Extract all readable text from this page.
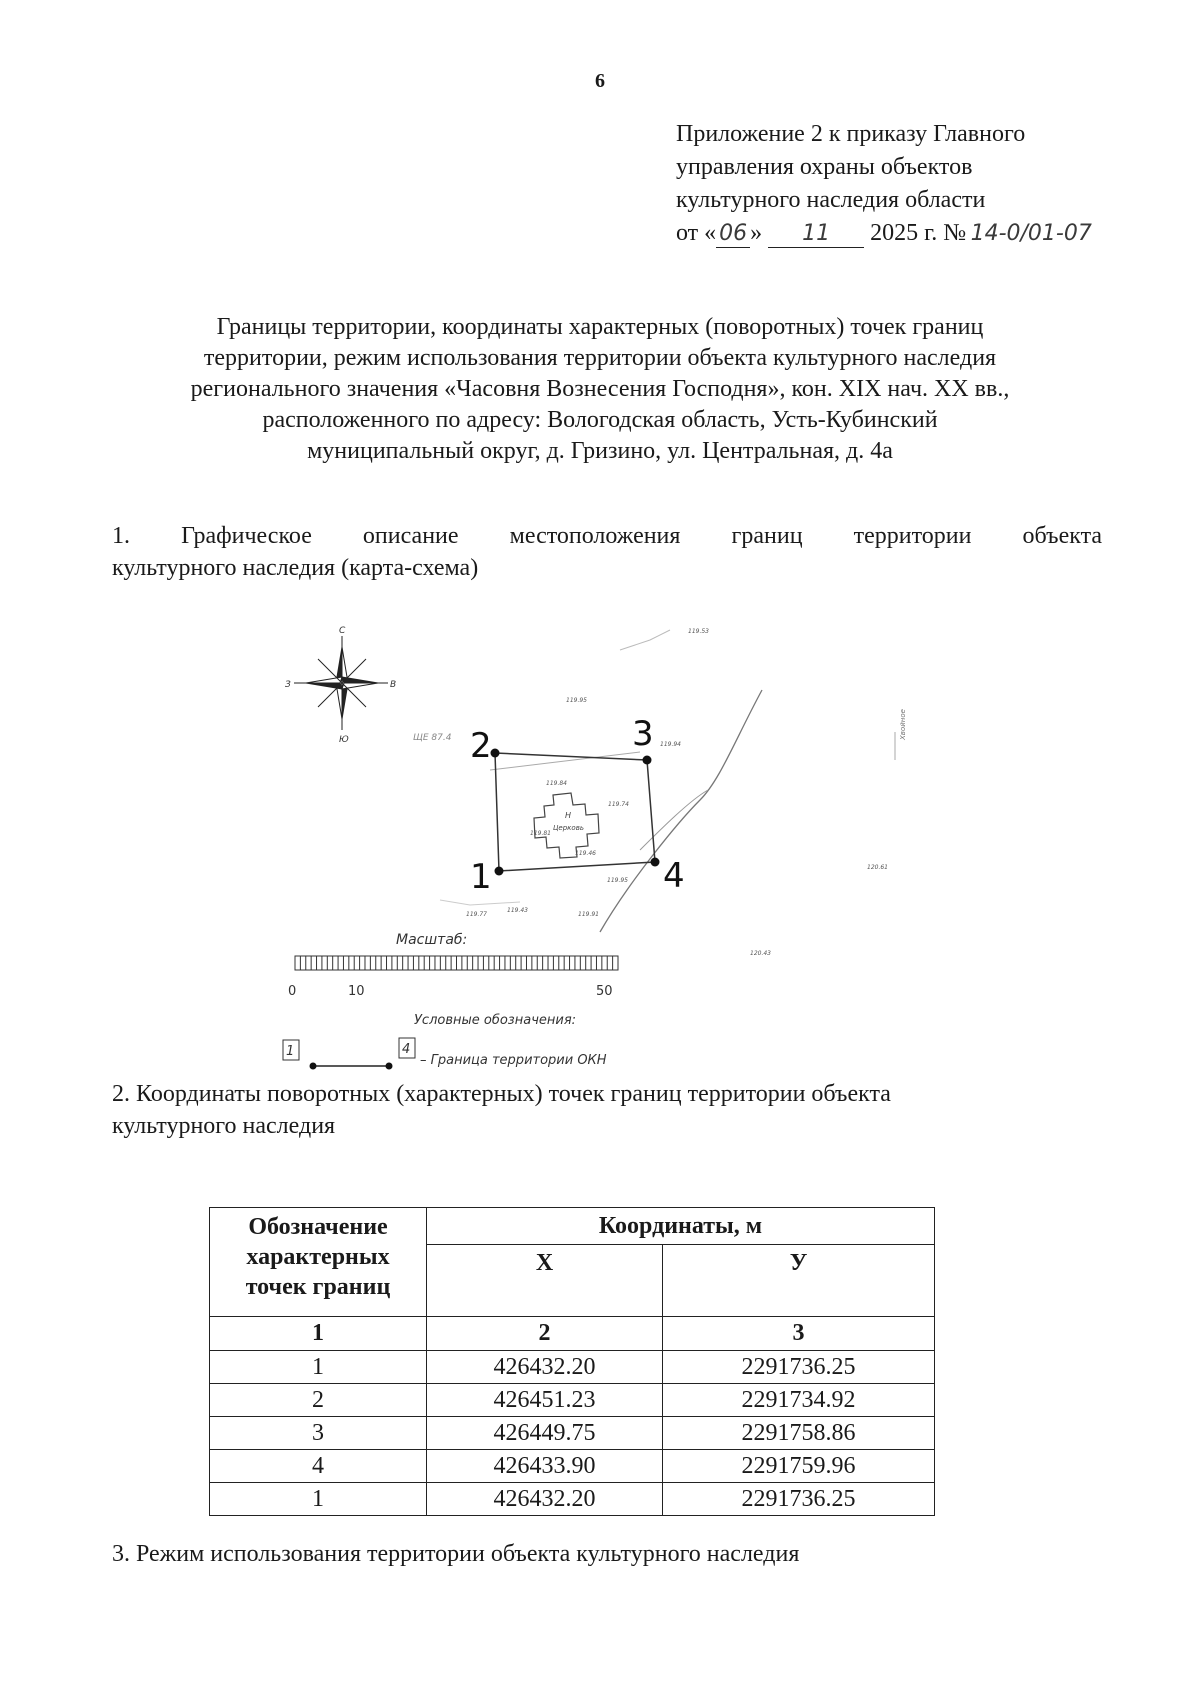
6
Приложение 2 к приказу Главного
управления охраны объектов
культурного наследия области
от « 06 » 11 2025 г. № 14-0/01-07
Границы территории, координаты характерных (поворотных) точек границ
территории, режим использования территории объекта культурного наследия
регионального значения «Часовня Вознесения Господня», кон. XIX нач. XX вв.,
расположенного по адресу: Вологодская область, Усть-Кубинский
муниципальный округ, д. Гризино, ул. Центральная, д. 4а
1. Графическое описание местоположения границ территории объекта
культурного наследия (карта-схема)
С
Ю
З	В
Н
Церковь
1
2	3
4
119.53
119.95
119.94
119.84
119.74
119.81
119.46
119.77
119.43
119.91
119.95
120.61
120.43
ЩЕ 87.4	Хвойное
Масштаб:
0	10	50
Условные обозначения:
1	4
– Граница территории ОКН
2. Координаты поворотных (характерных) точек границ территории объекта
культурного наследия
Обозначение
характерных
точек границ	Координаты, м	
	Х	У
1	2	3
1	426432.20	2291736.25
2	426451.23	2291734.92
3	426449.75	2291758.86
4	426433.90	2291759.96
1	426432.20	2291736.25
3. Режим использования территории объекта культурного наследия
